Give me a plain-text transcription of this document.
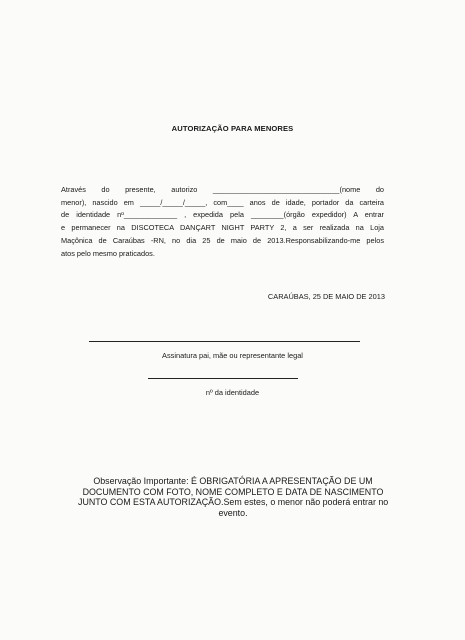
AUTORIZAÇÃO PARA MENORES
Através do presente, autorizo _______________________________(nome do
menor), nascido em _____/_____/_____, com____ anos de idade, portador da carteira
de identidade nº_____________ , expedida pela ________(órgão expedidor) A entrar
e permanecer na DISCOTECA DANÇART NIGHT PARTY 2, a ser realizada na Loja
Maçônica de Caraúbas -RN, no dia 25 de maio de 2013.Responsabilizando-me pelos
atos pelo mesmo praticados.
CARAÚBAS, 25 DE MAIO DE 2013
Assinatura pai, mãe ou representante legal
nº da identidade
Observação Importante: É OBRIGATÓRIA A APRESENTAÇÃO DE UM
DOCUMENTO COM FOTO, NOME COMPLETO E DATA DE NASCIMENTO
JUNTO COM ESTA AUTORIZAÇÃO.Sem estes, o menor não poderá entrar no
evento.
